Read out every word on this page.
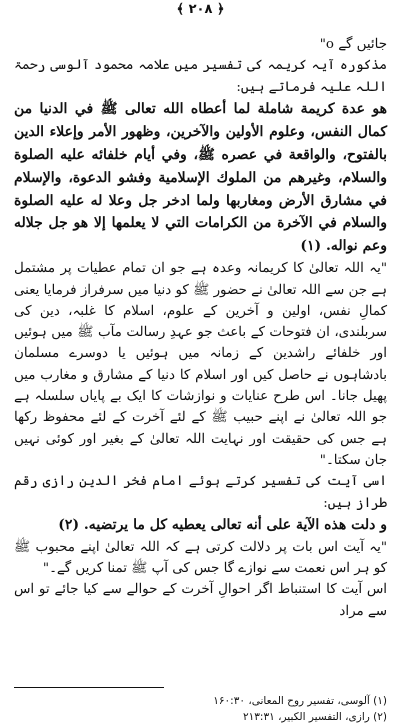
﴿ ۲۰۸ ﴾

جائیں گے o"

مذکورہ آیہ کریمہ کی تفسیر میں علامہ محمود آلوسی رحمۃ اللہ علیہ فرماتے ہیں:

هو عدة كريمة شاملة لما أعطاه الله تعالى ﷺ في الدنيا من كمال النفس، وعلوم الأولين والآخرين، وظهور الأمر وإعلاء الدين بالفتوح، والواقعة في عصره ﷺ، وفي أيام خلفائه عليه الصلوة والسلام، وغيرهم من الملوك الإسلامية وفشو الدعوة، والإسلام في مشارق الأرض ومغاربها ولما ادخر جل وعلا له عليه الصلوة والسلام في الآخرة من الكرامات التي لا يعلمها إلا هو جل جلاله وعم نواله. (۱)

"یہ اللہ تعالیٰ کا کریمانہ وعدہ ہے جو ان تمام عطیات پر مشتمل ہے جن سے اللہ تعالیٰ نے حضور ﷺ کو دنیا میں سرفراز فرمایا یعنی کمالِ نفس، اولین و آخرین کے علوم، اسلام کا غلبہ، دین کی سربلندی، ان فتوحات کے باعث جو عہدِ رسالت مآب ﷺ میں ہوئیں اور خلفائے راشدین کے زمانہ میں ہوئیں یا دوسرے مسلمان بادشاہوں نے حاصل کیں اور اسلام کا دنیا کے مشارق و مغارب میں پھیل جانا۔ اس طرح عنایات و نوازشات کا ایک بے پایاں سلسلہ ہے جو اللہ تعالیٰ نے اپنے حبیب ﷺ کے لئے آخرت کے لئے محفوظ رکھا ہے جس کی حقیقت اور نہایت اللہ تعالیٰ کے بغیر اور کوئی نہیں جان سکتا۔"

اسی آیت کی تفسیر کرتے ہوئے امام فخر الدین رازی رقم طراز ہیں:

و دلت هذه الآية على أنه تعالى يعطيه كل ما يرتضيه. (۲)

"یہ آیت اس بات پر دلالت کرتی ہے کہ اللہ تعالیٰ اپنے محبوب ﷺ کو ہر اس نعمت سے نوازے گا جس کی آپ ﷺ تمنا کریں گے۔"

اس آیت کا استنباط اگر احوالِ آخرت کے حوالے سے کیا جائے تو اس سے مراد

(۱) آلوسی، تفسیر روح المعانی، ۱۶۰:۳۰
(۲) رازی، التفسیر الکبیر، ۲۱۳:۳۱
